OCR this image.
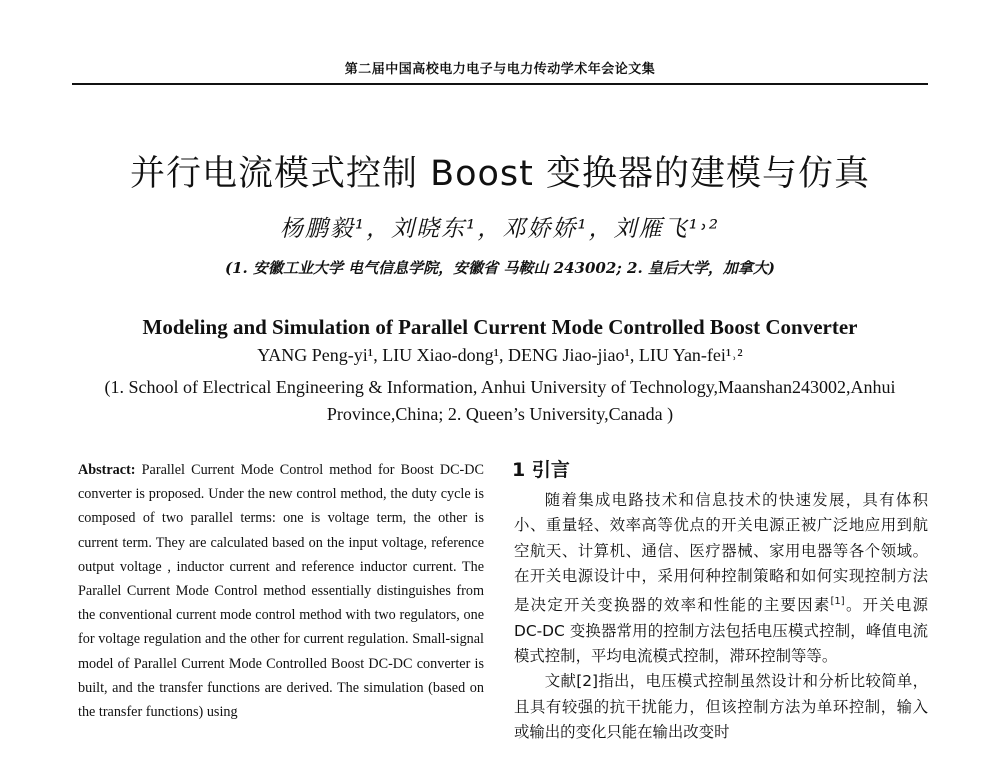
第二届中国高校电力电子与电力传动学术年会论文集
并行电流模式控制 Boost 变换器的建模与仿真
杨鹏毅¹，刘晓东¹，邓娇娇¹，刘雁飞¹˒²
(1. 安徽工业大学 电气信息学院，安徽省 马鞍山 243002; 2. 皇后大学，加拿大)
Modeling and Simulation of Parallel Current Mode Controlled Boost Converter
YANG Peng-yi¹, LIU Xiao-dong¹, DENG Jiao-jiao¹, LIU Yan-fei¹˒²
(1. School of Electrical Engineering & Information, Anhui University of Technology,Maanshan243002,Anhui
Province,China; 2. Queen’s University,Canada )
Abstract: Parallel Current Mode Control method for Boost DC-DC converter is proposed. Under the new control method, the duty cycle is composed of two parallel terms: one is voltage term, the other is current term. They are calculated based on the input voltage, reference output voltage , inductor current and reference inductor current. The Parallel Current Mode Control method essentially distinguishes from the conventional current mode control method with two regulators, one for voltage regulation and the other for current regulation. Small-signal model of Parallel Current Mode Controlled Boost DC-DC converter is built, and the transfer functions are derived. The simulation (based on the transfer functions) using
1 引言

随着集成电路技术和信息技术的快速发展，具有体积小、重量轻、效率高等优点的开关电源正被广泛地应用到航空航天、计算机、通信、医疗器械、家用电器等各个领域。在开关电源设计中，采用何种控制策略和如何实现控制方法是决定开关变换器的效率和性能的主要因素[1]。开关电源 DC-DC 变换器常用的控制方法包括电压模式控制，峰值电流模式控制，平均电流模式控制，滞环控制等等。

文献[2]指出，电压模式控制虽然设计和分析比较简单，且具有较强的抗干扰能力，但该控制方法为单环控制，输入或输出的变化只能在输出改变时
